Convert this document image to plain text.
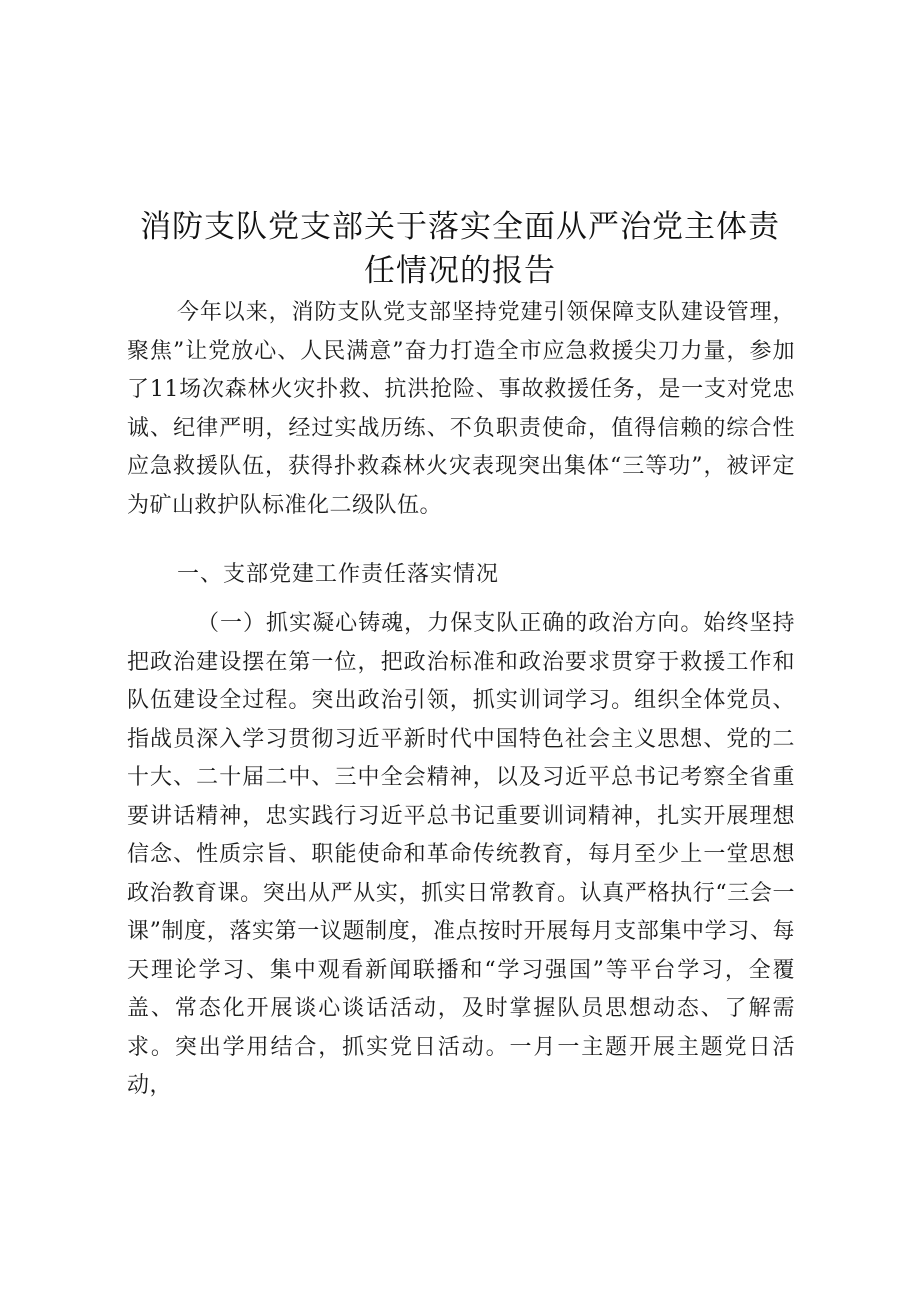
消防支队党支部关于落实全面从严治党主体责
任情况的报告

今年以来，消防支队党支部坚持党建引领保障支队建设管理，聚焦”让党放心、人民满意”奋力打造全市应急救援尖刀力量，参加了11场次森林火灾扑救、抗洪抢险、事故救援任务，是一支对党忠诚、纪律严明，经过实战历练、不负职责使命，值得信赖的综合性应急救援队伍，获得扑救森林火灾表现突出集体“三等功”，被评定为矿山救护队标准化二级队伍。

一、支部党建工作责任落实情况

（一）抓实凝心铸魂，力保支队正确的政治方向。始终坚持把政治建设摆在第一位，把政治标准和政治要求贯穿于救援工作和队伍建设全过程。突出政治引领，抓实训词学习。组织全体党员、指战员深入学习贯彻习近平新时代中国特色社会主义思想、党的二十大、二十届二中、三中全会精神，以及习近平总书记考察全省重要讲话精神，忠实践行习近平总书记重要训词精神，扎实开展理想信念、性质宗旨、职能使命和革命传统教育，每月至少上一堂思想政治教育课。突出从严从实，抓实日常教育。认真严格执行“三会一课”制度，落实第一议题制度，准点按时开展每月支部集中学习、每天理论学习、集中观看新闻联播和“学习强国”等平台学习，全覆盖、常态化开展谈心谈话活动，及时掌握队员思想动态、了解需求。突出学用结合，抓实党日活动。一月一主题开展主题党日活动，
